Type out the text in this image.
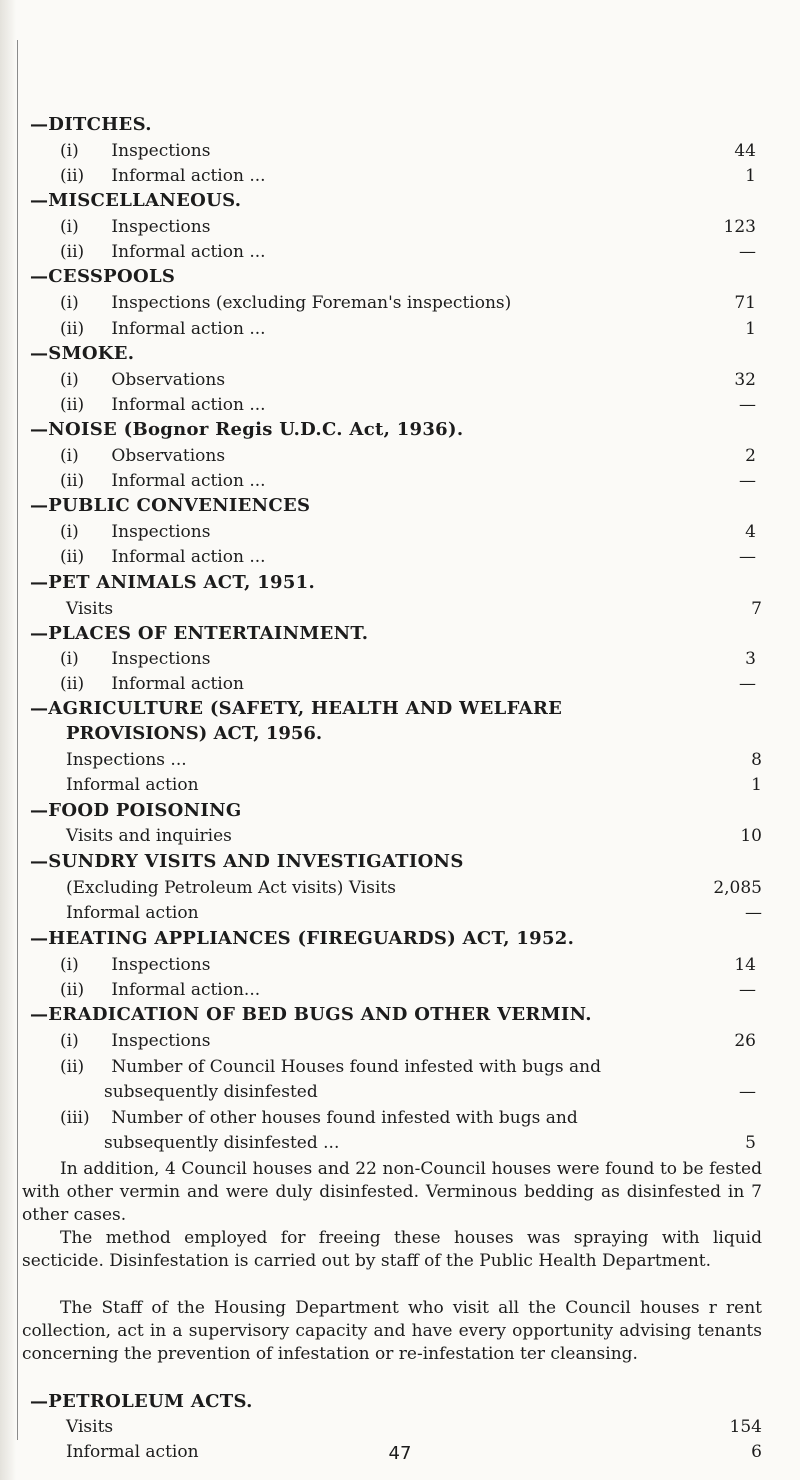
—DITCHES.
(i) Inspections	44
(ii) Informal action ...	1
—MISCELLANEOUS.
(i) Inspections	123
(ii) Informal action ...	—
—CESSPOOLS
(i) Inspections (excluding Foreman's inspections)	71
(ii) Informal action ...	1
—SMOKE.
(i) Observations	32
(ii) Informal action ...	—
—NOISE (Bognor Regis U.D.C. Act, 1936).
(i) Observations	2
(ii) Informal action ...	—
—PUBLIC CONVENIENCES
(i) Inspections	4
(ii) Informal action ...	—
—PET ANIMALS ACT, 1951.
Visits	7
—PLACES OF ENTERTAINMENT.
(i) Inspections	3
(ii) Informal action	—
—AGRICULTURE (SAFETY, HEALTH AND WELFARE
PROVISIONS) ACT, 1956.
Inspections ...	8
Informal action	1
—FOOD POISONING
Visits and inquiries	10
—SUNDRY VISITS AND INVESTIGATIONS
(Excluding Petroleum Act visits) Visits	2,085
Informal action	—
—HEATING APPLIANCES (FIREGUARDS) ACT, 1952.
(i) Inspections	14
(ii) Informal action...	—
—ERADICATION OF BED BUGS AND OTHER VERMIN.
(i) Inspections	26
(ii) Number of Council Houses found infested with bugs and
subsequently disinfested	—
(iii) Number of other houses found infested with bugs and
subsequently disinfested ...	5

In addition, 4 Council houses and 22 non-Council houses were found to be fested with other vermin and were duly disinfested. Verminous bedding as disinfested in 7 other cases.

The method employed for freeing these houses was spraying with liquid secticide. Disinfestation is carried out by staff of the Public Health Department.

The Staff of the Housing Department who visit all the Council houses r rent collection, act in a supervisory capacity and have every opportunity advising tenants concerning the prevention of infestation or re-infestation ter cleansing.

—PETROLEUM ACTS.
Visits	154
Informal action	6
47
